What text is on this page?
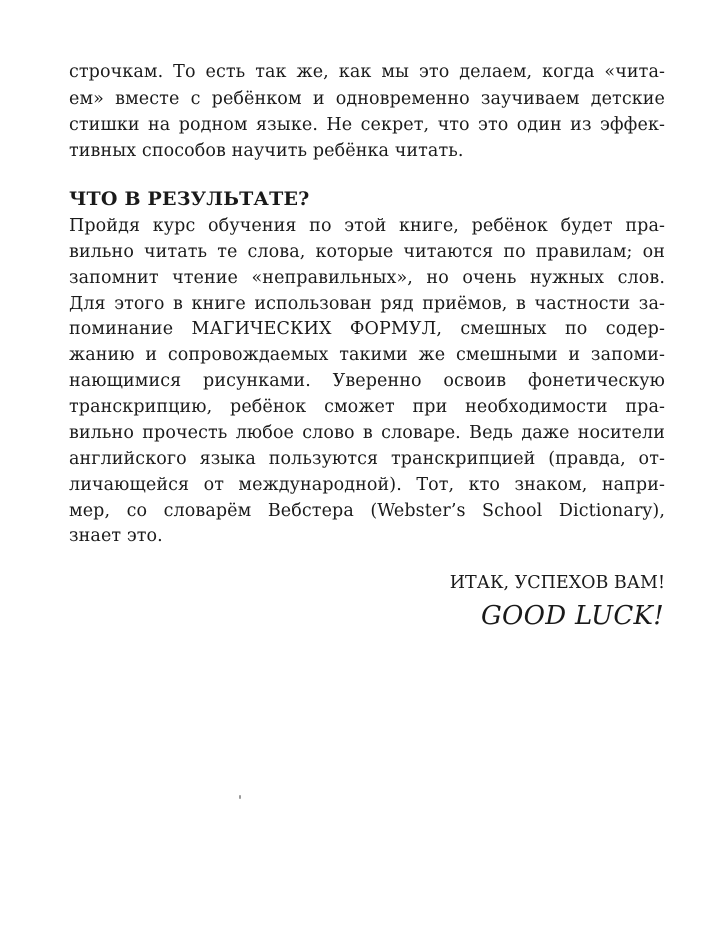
строчкам. То есть так же, как мы это делаем, когда «чита-
ем» вместе с ребёнком и одновременно заучиваем детские
стишки на родном языке. Не секрет, что это один из эффек-
тивных способов научить ребёнка читать.
ЧТО В РЕЗУЛЬТАТЕ?
Пройдя курс обучения по этой книге, ребёнок будет пра-
вильно читать те слова, которые читаются по правилам; он
запомнит чтение «неправильных», но очень нужных слов.
Для этого в книге использован ряд приёмов, в частности за-
поминание МАГИЧЕСКИХ ФОРМУЛ, смешных по содер-
жанию и сопровождаемых такими же смешными и запоми-
нающимися рисунками. Уверенно освоив фонетическую
транскрипцию, ребёнок сможет при необходимости пра-
вильно прочесть любое слово в словаре. Ведь даже носители
английского языка пользуются транскрипцией (правда, от-
личающейся от международной). Тот, кто знаком, напри-
мер, со словарём Вебстера (Webster’s School Dictionary),
знает это.
ИТАК, УСПЕХОВ ВАМ!
GOOD LUCK!
